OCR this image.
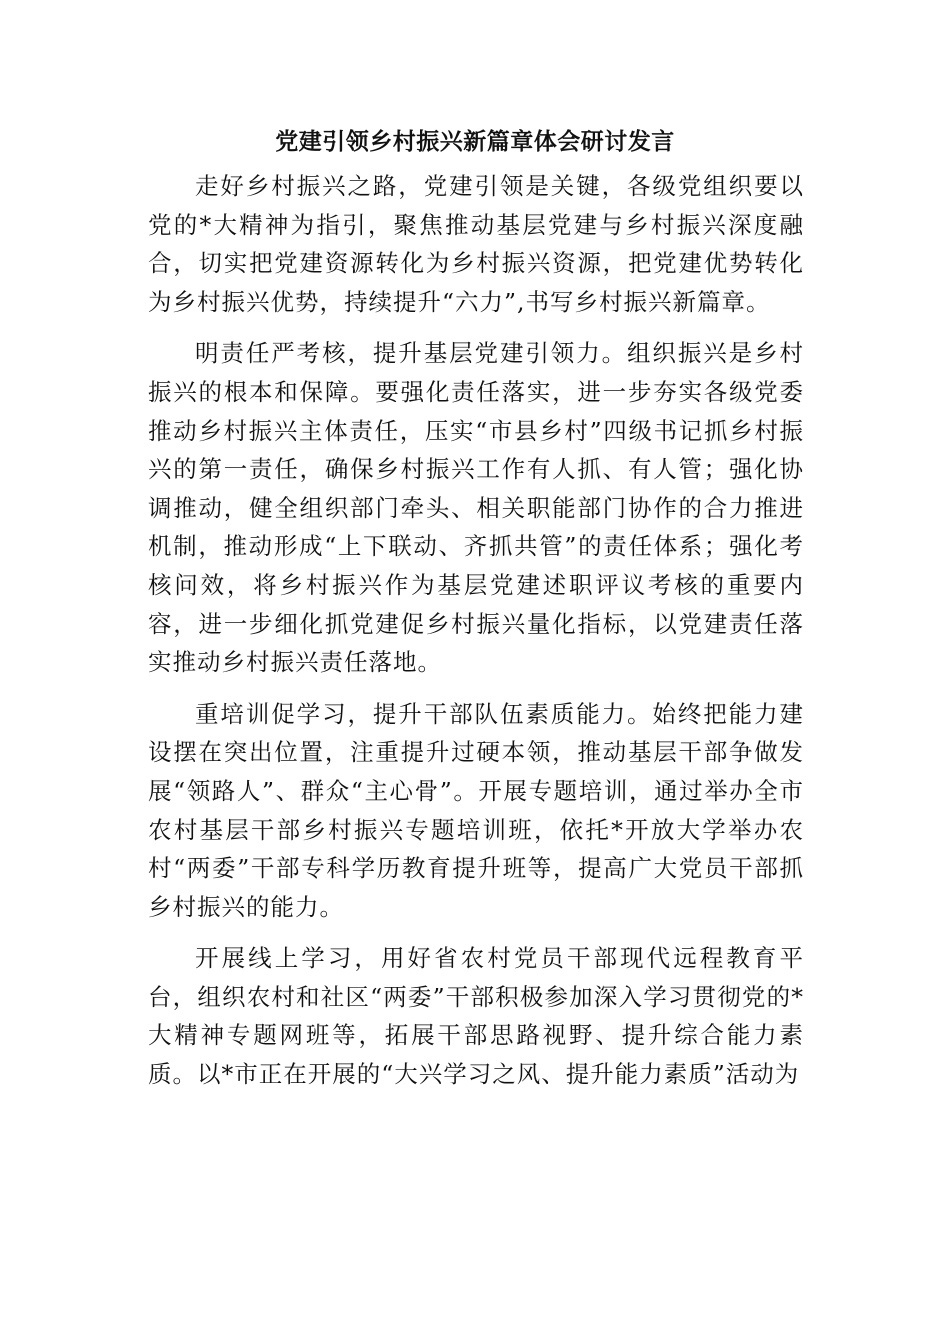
党建引领乡村振兴新篇章体会研讨发言

走好乡村振兴之路，党建引领是关键，各级党组织要以党的*大精神为指引，聚焦推动基层党建与乡村振兴深度融合，切实把党建资源转化为乡村振兴资源，把党建优势转化为乡村振兴优势，持续提升“六力”,书写乡村振兴新篇章。

明责任严考核，提升基层党建引领力。组织振兴是乡村振兴的根本和保障。要强化责任落实，进一步夯实各级党委推动乡村振兴主体责任，压实“市县乡村”四级书记抓乡村振兴的第一责任，确保乡村振兴工作有人抓、有人管；强化协调推动，健全组织部门牵头、相关职能部门协作的合力推进机制，推动形成“上下联动、齐抓共管”的责任体系；强化考核问效，将乡村振兴作为基层党建述职评议考核的重要内容，进一步细化抓党建促乡村振兴量化指标，以党建责任落实推动乡村振兴责任落地。

重培训促学习，提升干部队伍素质能力。始终把能力建设摆在突出位置，注重提升过硬本领，推动基层干部争做发展“领路人”、群众“主心骨”。开展专题培训，通过举办全市农村基层干部乡村振兴专题培训班，依托*开放大学举办农村“两委”干部专科学历教育提升班等，提高广大党员干部抓乡村振兴的能力。

开展线上学习，用好省农村党员干部现代远程教育平台，组织农村和社区“两委”干部积极参加深入学习贯彻党的*大精神专题网班等，拓展干部思路视野、提升综合能力素质。以*市正在开展的“大兴学习之风、提升能力素质”活动为
